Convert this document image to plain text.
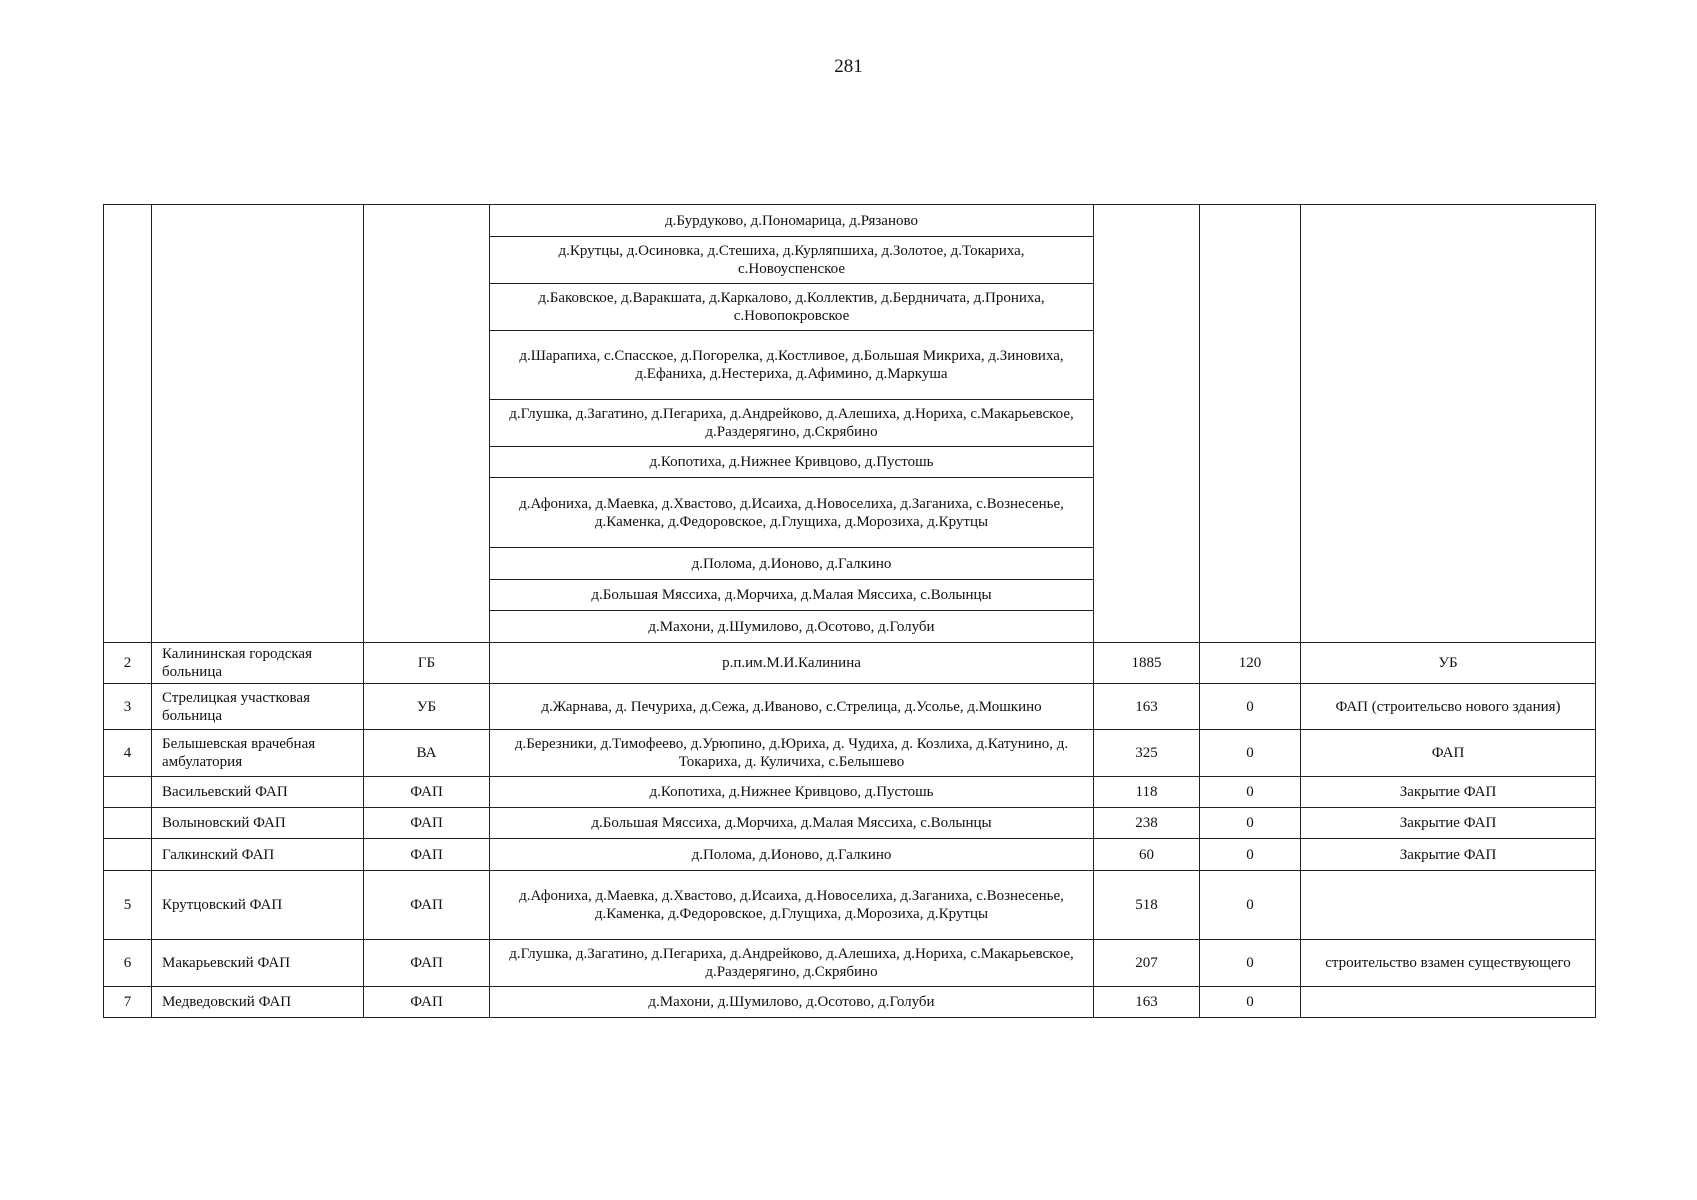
281
			д.Бурдуково, д.Пономарица, д.Рязаново			
			д.Крутцы, д.Осиновка, д.Стешиха, д.Курляпшиха, д.Золотое, д.Токариха, с.Новоуспенское			
			д.Баковское, д.Варакшата, д.Каркалово, д.Коллектив, д.Бердничата, д.Прониха, с.Новопокровское			
			д.Шарапиха, с.Спасское, д.Погорелка, д.Костливое, д.Большая Микриха, д.Зиновиха, д.Ефаниха, д.Нестериха, д.Афимино, д.Маркуша			
			д.Глушка, д.Загатино, д.Пегариха, д.Андрейково, д.Алешиха, д.Нориха, с.Макарьевское, д.Раздерягино, д.Скрябино			
			д.Копотиха, д.Нижнее Кривцово, д.Пустошь			
			д.Афониха, д.Маевка, д.Хвастово, д.Исаиха, д.Новоселиха, д.Заганиха, с.Вознесенье, д.Каменка, д.Федоровское, д.Глущиха, д.Морозиха, д.Крутцы			
			д.Полома, д.Ионово, д.Галкино			
			д.Большая Мяссиха, д.Морчиха, д.Малая Мяссиха, с.Волынцы			
			д.Махони, д.Шумилово, д.Осотово, д.Голуби			
2	Калининская городская больница	ГБ	р.п.им.М.И.Калинина	1885	120	УБ
3	Стрелицкая участковая больница	УБ	д.Жарнава, д. Печуриха, д.Сежа, д.Иваново, с.Стрелица, д.Усолье, д.Мошкино	163	0	ФАП (строительсво нового здания)
4	Белышевская врачебная амбулатория	ВА	д.Березники, д.Тимофеево, д.Урюпино, д.Юриха, д. Чудиха, д. Козлиха, д.Катунино, д. Токариха, д. Куличиха, с.Белышево	325	0	ФАП
	Васильевский ФАП	ФАП	д.Копотиха, д.Нижнее Кривцово, д.Пустошь	118	0	Закрытие ФАП
	Волыновский ФАП	ФАП	д.Большая Мяссиха, д.Морчиха, д.Малая Мяссиха, с.Волынцы	238	0	Закрытие ФАП
	Галкинский ФАП	ФАП	д.Полома, д.Ионово, д.Галкино	60	0	Закрытие ФАП
5	Крутцовский ФАП	ФАП	д.Афониха, д.Маевка, д.Хвастово, д.Исаиха, д.Новоселиха, д.Заганиха, с.Вознесенье, д.Каменка, д.Федоровское, д.Глущиха, д.Морозиха, д.Крутцы	518	0	
6	Макарьевский ФАП	ФАП	д.Глушка, д.Загатино, д.Пегариха, д.Андрейково, д.Алешиха, д.Нориха, с.Макарьевское, д.Раздерягино, д.Скрябино	207	0	строительство взамен существующего
7	Медведовский ФАП	ФАП	д.Махони, д.Шумилово, д.Осотово, д.Голуби	163	0	
